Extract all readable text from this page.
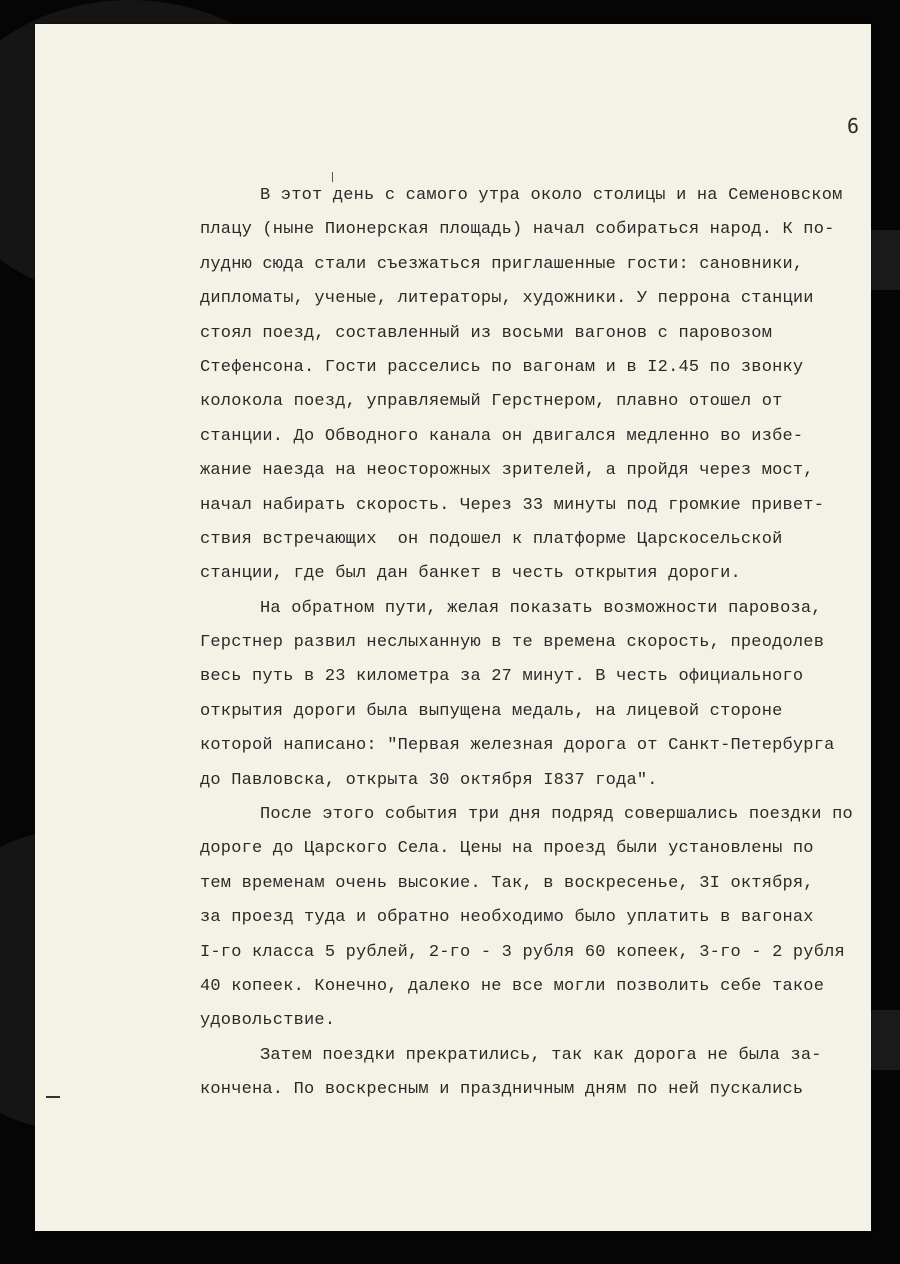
6

В этот день с самого утра около столицы и на Семеновском
плацу (ныне Пионерская площадь) начал собираться народ. К по-
лудню сюда стали съезжаться приглашенные гости: сановники,
дипломаты, ученые, литераторы, художники. У перрона станции
стоял поезд, составленный из восьми вагонов с паровозом
Стефенсона. Гости расселись по вагонам и в I2.45 по звонку
колокола поезд, управляемый Герстнером, плавно отошел от
станции. До Обводного канала он двигался медленно во избе-
жание наезда на неосторожных зрителей, а пройдя через мост,
начал набирать скорость. Через 33 минуты под громкие привет-
ствия встречающих  он подошел к платформе Царскосельской
станции, где был дан банкет в честь открытия дороги.
На обратном пути, желая показать возможности паровоза,
Герстнер развил неслыханную в те времена скорость, преодолев
весь путь в 23 километра за 27 минут. В честь официального
открытия дороги была выпущена медаль, на лицевой стороне
которой написано: "Первая железная дорога от Санкт-Петербурга
до Павловска, открыта 30 октября I837 года".
После этого события три дня подряд совершались поездки по
дороге до Царского Села. Цены на проезд были установлены по
тем временам очень высокие. Так, в воскресенье, 3I октября,
за проезд туда и обратно необходимо было уплатить в вагонах
I-го класса 5 рублей, 2-го - 3 рубля 60 копеек, 3-го - 2 рубля
40 копеек. Конечно, далеко не все могли позволить себе такое
удовольствие.
Затем поездки прекратились, так как дорога не была за-
кончена. По воскресным и праздничным дням по ней пускались
